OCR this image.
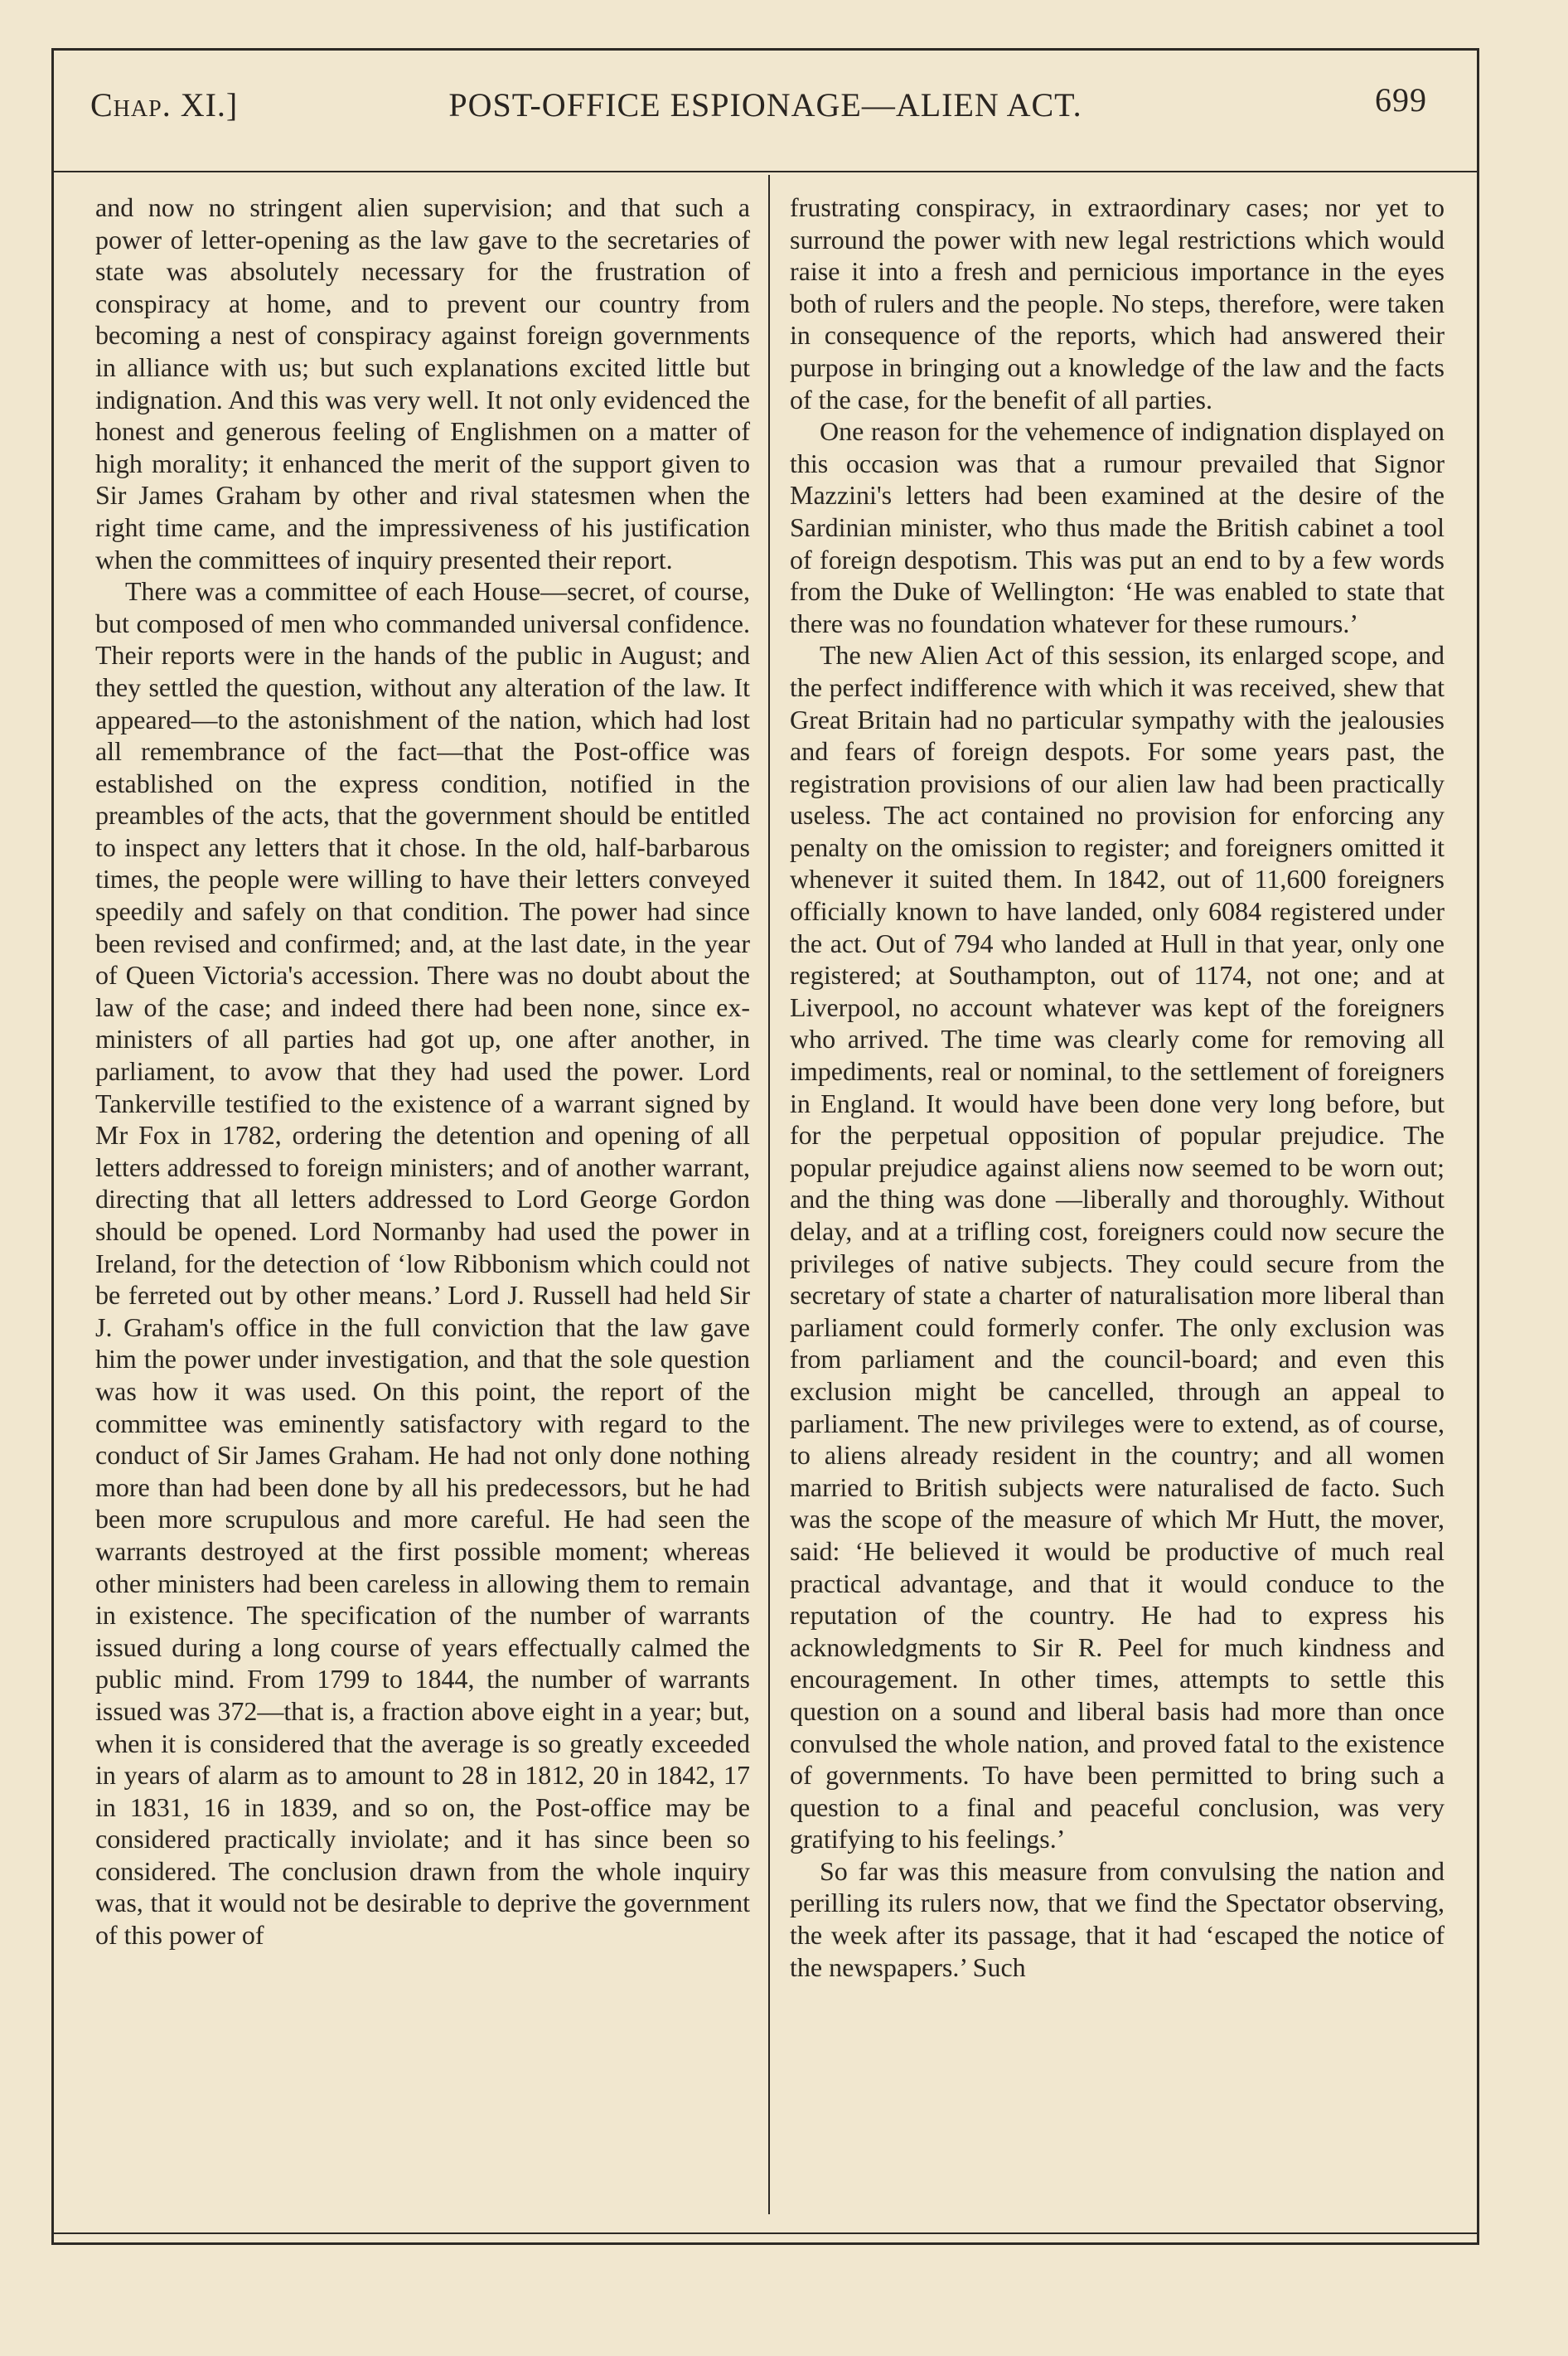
Chap. XI.]	POST-OFFICE ESPIONAGE—ALIEN ACT.	699

and now no stringent alien supervision; and that such a power of letter-opening as the law gave to the secretaries of state was absolutely necessary for the frustration of conspiracy at home, and to prevent our country from becoming a nest of conspiracy against foreign governments in alliance with us; but such explanations excited little but indignation. And this was very well. It not only evidenced the honest and generous feeling of Englishmen on a matter of high morality; it enhanced the merit of the support given to Sir James Graham by other and rival statesmen when the right time came, and the impressiveness of his justification when the committees of inquiry presented their report.

There was a committee of each House—secret, of course, but composed of men who commanded universal confidence. Their reports were in the hands of the public in August; and they settled the question, without any alteration of the law. It appeared—to the astonishment of the nation, which had lost all remembrance of the fact—that the Post-office was established on the express condition, notified in the preambles of the acts, that the government should be entitled to inspect any letters that it chose. In the old, half-barbarous times, the people were willing to have their letters conveyed speedily and safely on that condition. The power had since been revised and confirmed; and, at the last date, in the year of Queen Victoria's accession. There was no doubt about the law of the case; and indeed there had been none, since ex-ministers of all parties had got up, one after another, in parliament, to avow that they had used the power. Lord Tankerville testified to the existence of a warrant signed by Mr Fox in 1782, ordering the detention and opening of all letters addressed to foreign ministers; and of another warrant, directing that all letters addressed to Lord George Gordon should be opened. Lord Normanby had used the power in Ireland, for the detection of ‘low Ribbonism which could not be ferreted out by other means.’ Lord J. Russell had held Sir J. Graham's office in the full conviction that the law gave him the power under investigation, and that the sole question was how it was used. On this point, the report of the committee was eminently satisfactory with regard to the conduct of Sir James Graham. He had not only done nothing more than had been done by all his predecessors, but he had been more scrupulous and more careful. He had seen the warrants destroyed at the first possible moment; whereas other ministers had been careless in allowing them to remain in existence. The specification of the number of warrants issued during a long course of years effectually calmed the public mind. From 1799 to 1844, the number of warrants issued was 372—that is, a fraction above eight in a year; but, when it is considered that the average is so greatly exceeded in years of alarm as to amount to 28 in 1812, 20 in 1842, 17 in 1831, 16 in 1839, and so on, the Post-office may be considered practically inviolate; and it has since been so considered. The conclusion drawn from the whole inquiry was, that it would not be desirable to deprive the government of this power of

frustrating conspiracy, in extraordinary cases; nor yet to surround the power with new legal restrictions which would raise it into a fresh and pernicious importance in the eyes both of rulers and the people. No steps, therefore, were taken in consequence of the reports, which had answered their purpose in bringing out a knowledge of the law and the facts of the case, for the benefit of all parties.

One reason for the vehemence of indignation displayed on this occasion was that a rumour prevailed that Signor Mazzini's letters had been examined at the desire of the Sardinian minister, who thus made the British cabinet a tool of foreign despotism. This was put an end to by a few words from the Duke of Wellington: ‘He was enabled to state that there was no foundation whatever for these rumours.’

The new Alien Act of this session, its enlarged scope, and the perfect indifference with which it was received, shew that Great Britain had no particular sympathy with the jealousies and fears of foreign despots. For some years past, the registration provisions of our alien law had been practically useless. The act contained no provision for enforcing any penalty on the omission to register; and foreigners omitted it whenever it suited them. In 1842, out of 11,600 foreigners officially known to have landed, only 6084 registered under the act. Out of 794 who landed at Hull in that year, only one registered; at Southampton, out of 1174, not one; and at Liverpool, no account whatever was kept of the foreigners who arrived. The time was clearly come for removing all impediments, real or nominal, to the settlement of foreigners in England. It would have been done very long before, but for the perpetual opposition of popular prejudice. The popular prejudice against aliens now seemed to be worn out; and the thing was done —liberally and thoroughly. Without delay, and at a trifling cost, foreigners could now secure the privileges of native subjects. They could secure from the secretary of state a charter of naturalisation more liberal than parliament could formerly confer. The only exclusion was from parliament and the council-board; and even this exclusion might be cancelled, through an appeal to parliament. The new privileges were to extend, as of course, to aliens already resident in the country; and all women married to British subjects were naturalised de facto. Such was the scope of the measure of which Mr Hutt, the mover, said: ‘He believed it would be productive of much real practical advantage, and that it would conduce to the reputation of the country. He had to express his acknowledgments to Sir R. Peel for much kindness and encouragement. In other times, attempts to settle this question on a sound and liberal basis had more than once convulsed the whole nation, and proved fatal to the existence of governments. To have been permitted to bring such a question to a final and peaceful conclusion, was very gratifying to his feelings.’

So far was this measure from convulsing the nation and perilling its rulers now, that we find the Spectator observing, the week after its passage, that it had ‘escaped the notice of the newspapers.’ Such
